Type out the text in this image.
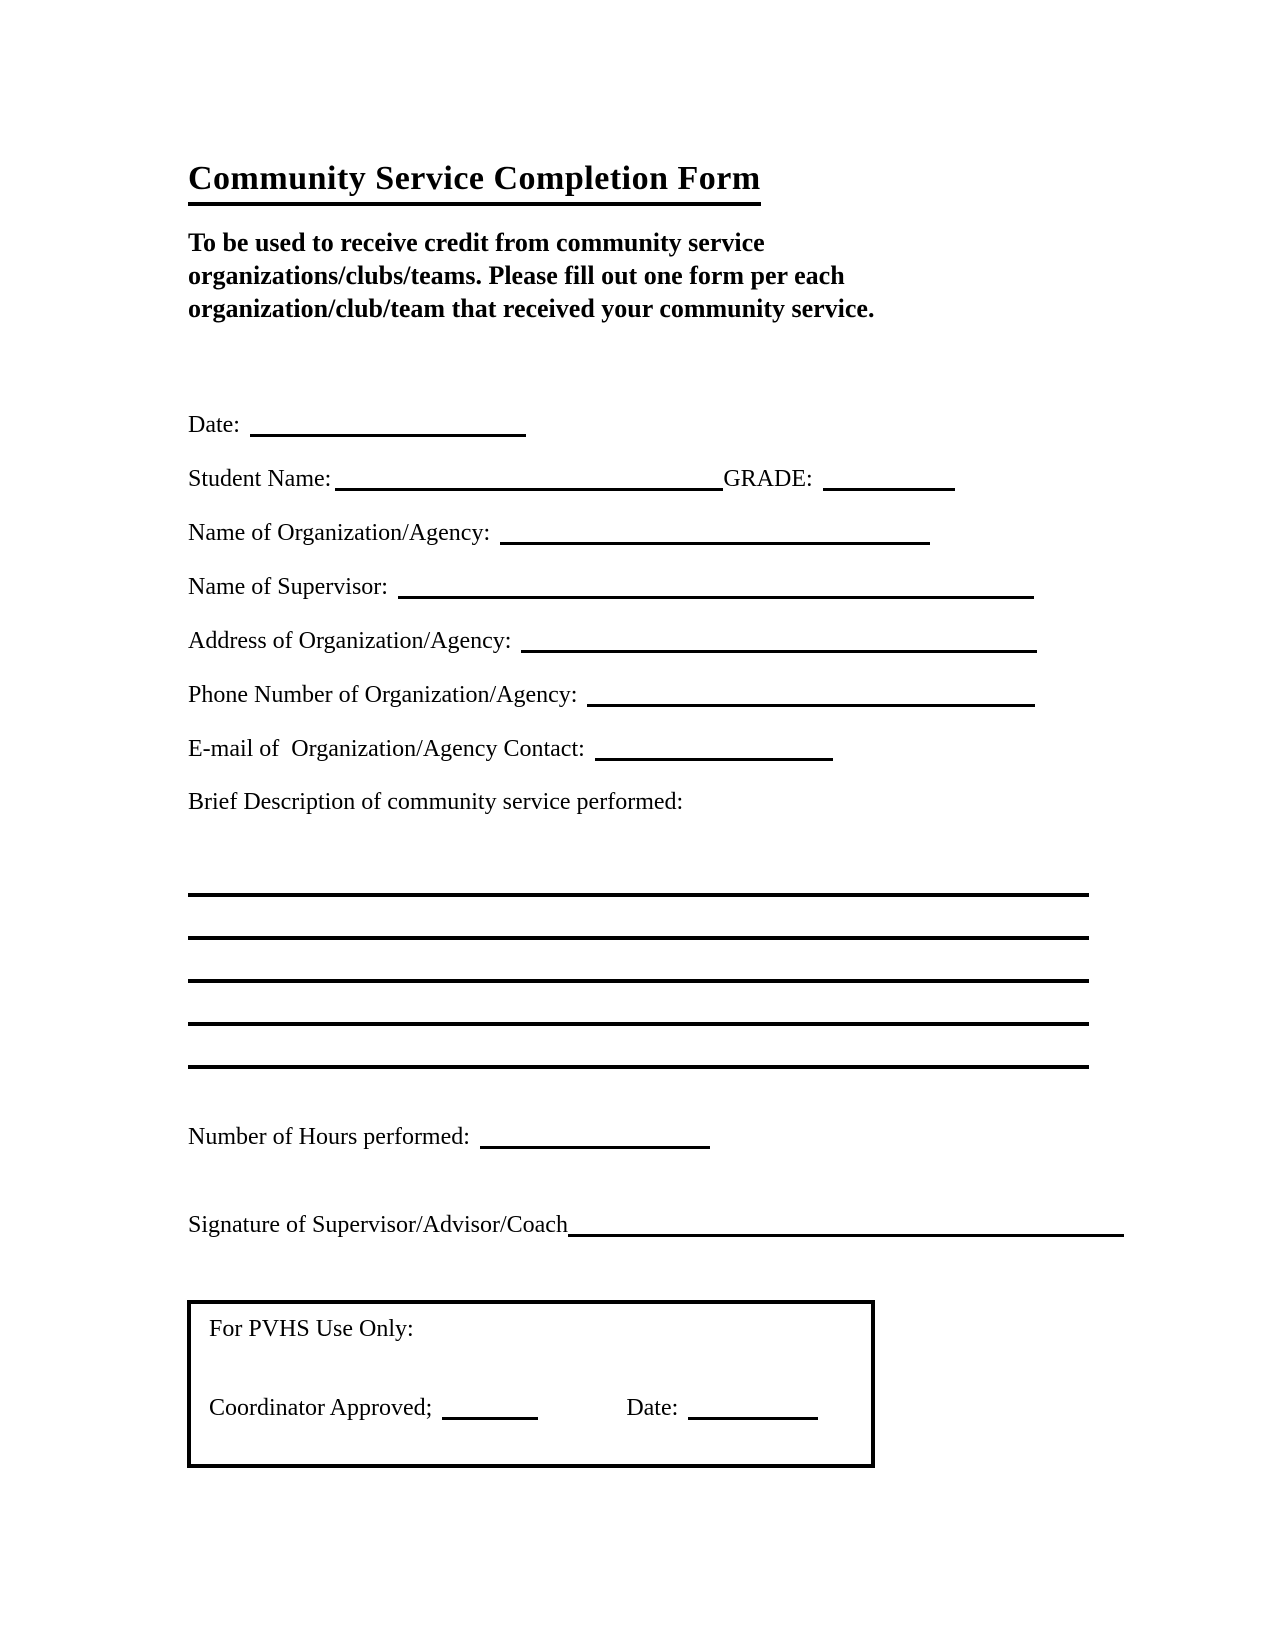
Community Service Completion Form
To be used to receive credit from community service organizations/clubs/teams. Please fill out one form per each organization/club/team that received your community service.
Date:
Student Name:	GRADE:
Name of Organization/Agency:
Name of Supervisor:
Address of Organization/Agency:
Phone Number of Organization/Agency:
E-mail of  Organization/Agency Contact:
Brief Description of community service performed:
Number of Hours performed:
Signature of Supervisor/Advisor/Coach
For PVHS Use Only:
Coordinator Approved;	Date:
